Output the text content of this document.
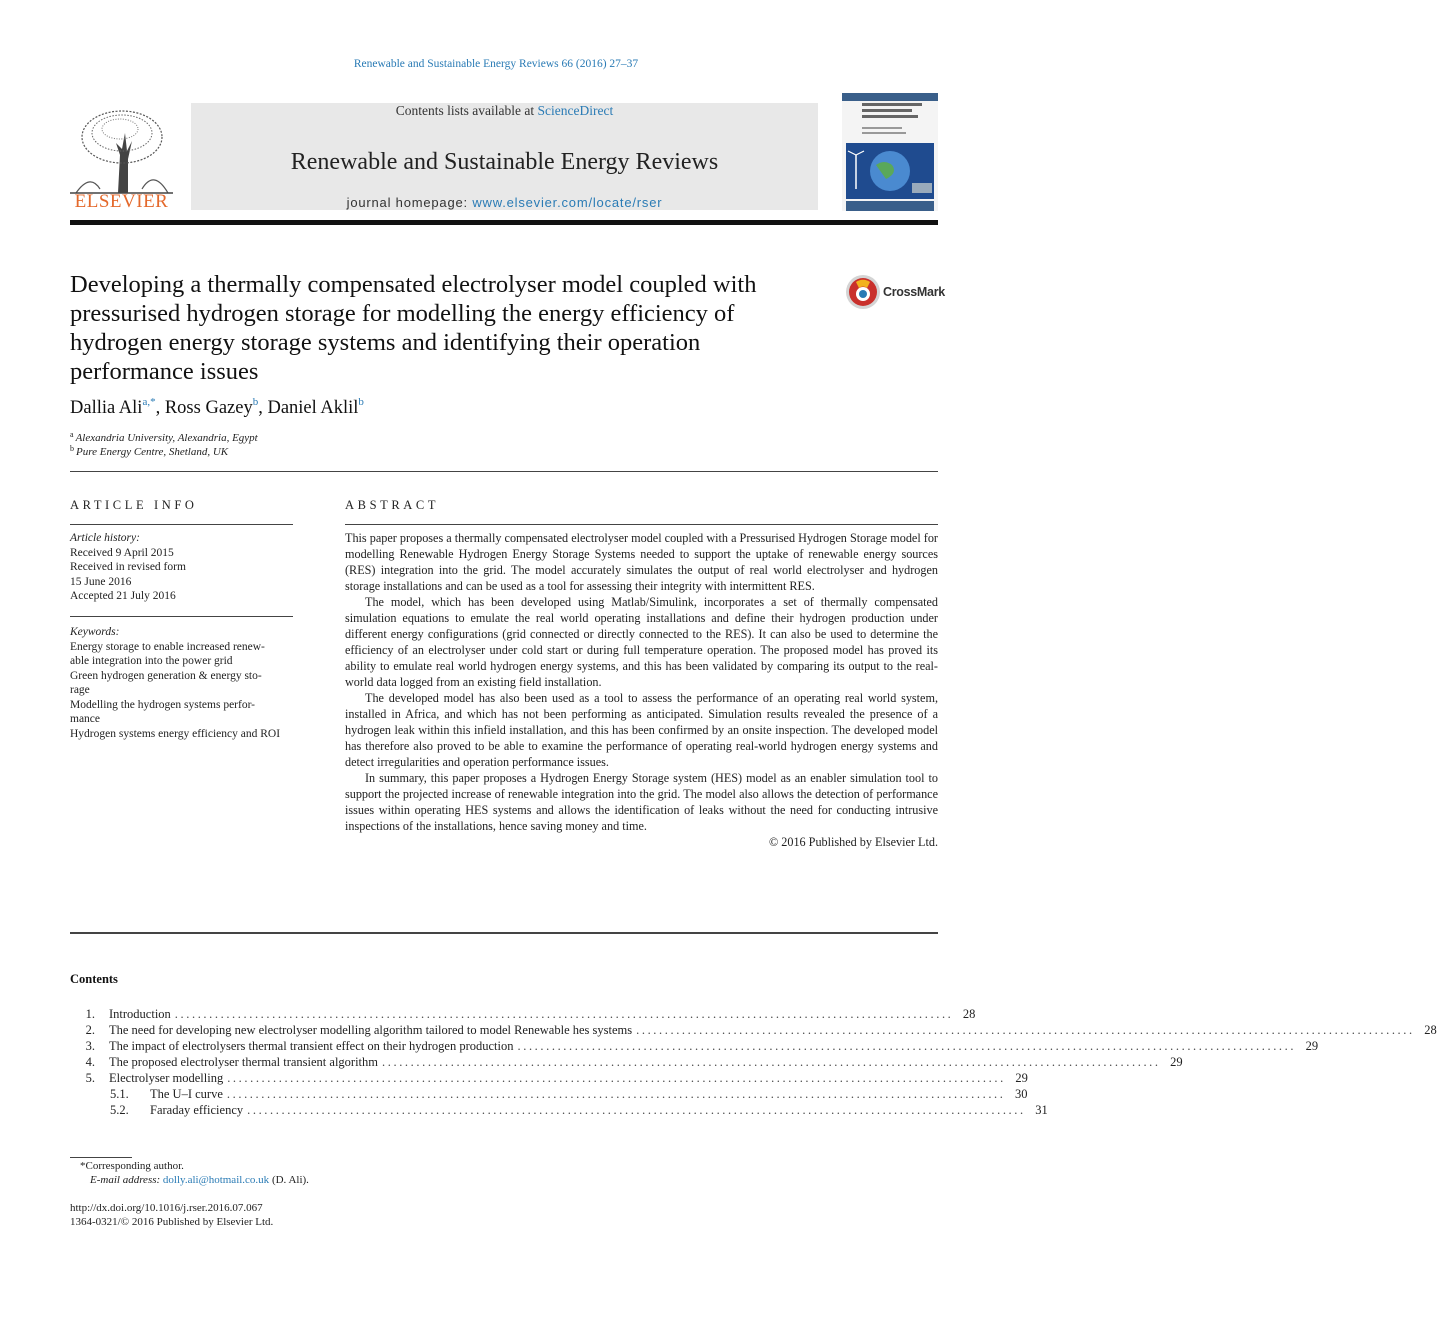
Renewable and Sustainable Energy Reviews 66 (2016) 27–37
ELSEVIER
Contents lists available at ScienceDirect
Renewable and Sustainable Energy Reviews
journal homepage: www.elsevier.com/locate/rser
Developing a thermally compensated electrolyser model coupled with pressurised hydrogen storage for modelling the energy efficiency of hydrogen energy storage systems and identifying their operation performance issues
CrossMark
Dallia Ali$^{a,*}$, Ross Gazey$^b$, Daniel Aklil$^b$
$^a$ Alexandria University, Alexandria, Egypt
$^b$ Pure Energy Centre, Shetland, UK
ARTICLE INFO
Article history:
Received 9 April 2015
Received in revised form
15 June 2016
Accepted 21 July 2016
Keywords:
Energy storage to enable increased renew-
able integration into the power grid
Green hydrogen generation & energy sto-
rage
Modelling the hydrogen systems perfor-
mance
Hydrogen systems energy efficiency and ROI
ABSTRACT

This paper proposes a thermally compensated electrolyser model coupled with a Pressurised Hydrogen Storage model for modelling Renewable Hydrogen Energy Storage Systems needed to support the uptake of renewable energy sources (RES) integration into the grid. The model accurately simulates the output of real world electrolyser and hydrogen storage installations and can be used as a tool for assessing their integrity with intermittent RES.

The model, which has been developed using Matlab/Simulink, incorporates a set of thermally compensated simulation equations to emulate the real world operating installations and define their hydrogen production under different energy configurations (grid connected or directly connected to the RES). It can also be used to determine the efficiency of an electrolyser under cold start or during full temperature operation. The proposed model has proved its ability to emulate real world hydrogen energy systems, and this has been validated by comparing its output to the real-world data logged from an existing field installation.

The developed model has also been used as a tool to assess the performance of an operating real world system, installed in Africa, and which has not been performing as anticipated. Simulation results revealed the presence of a hydrogen leak within this infield installation, and this has been confirmed by an onsite inspection. The developed model has therefore also proved to be able to examine the performance of operating real-world hydrogen energy systems and detect irregularities and operation performance issues.

In summary, this paper proposes a Hydrogen Energy Storage system (HES) model as an enabler simulation tool to support the projected increase of renewable integration into the grid. The model also allows the detection of performance issues within operating HES systems and allows the identification of leaks without the need for conducting intrusive inspections of the installations, hence saving money and time.

© 2016 Published by Elsevier Ltd.
Contents
1. Introduction ........................................................................................................................................ 28
2. The need for developing new electrolyser modelling algorithm tailored to model Renewable hes systems ........................................................................................................................................ 28
3. The impact of electrolysers thermal transient effect on their hydrogen production ........................................................................................................................................ 29
4. The proposed electrolyser thermal transient algorithm ........................................................................................................................................ 29
5. Electrolyser modelling ........................................................................................................................................ 29
5.1.	The U–I curve ........................................................................................................................................ 30
5.2.	Faraday efficiency ........................................................................................................................................ 31
*Corresponding author.
E-mail address: dolly.ali@hotmail.co.uk (D. Ali).
http://dx.doi.org/10.1016/j.rser.2016.07.067
1364-0321/© 2016 Published by Elsevier Ltd.
